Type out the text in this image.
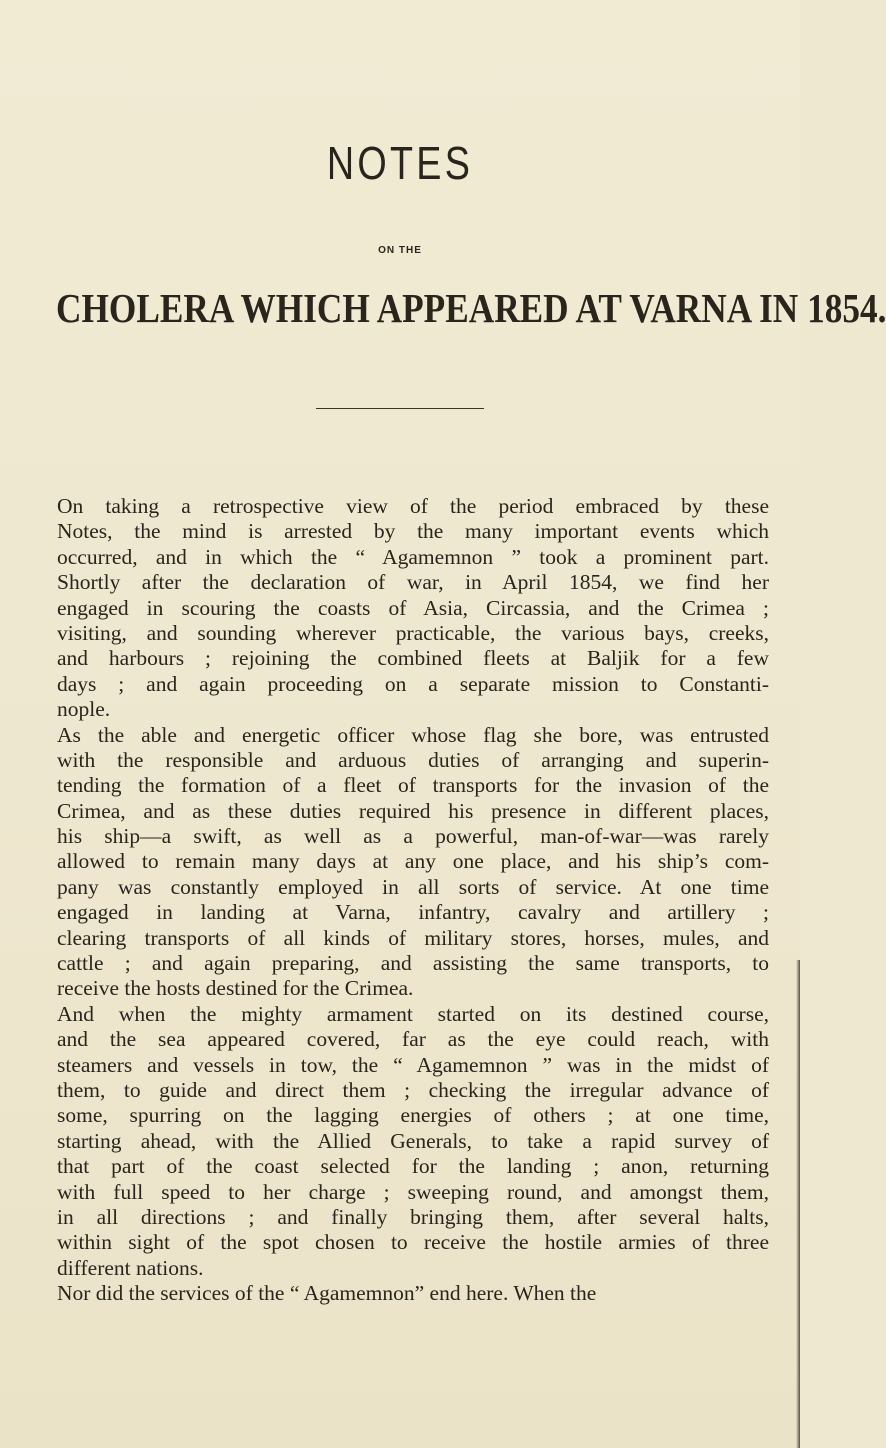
NOTES
ON THE
CHOLERA WHICH APPEARED AT VARNA IN 1854.
On taking a retrospective view of the period embraced by these
Notes, the mind is arrested by the many important events which
occurred, and in which the “ Agamemnon ” took a prominent part.
Shortly after the declaration of war, in April 1854, we find her
engaged in scouring the coasts of Asia, Circassia, and the Crimea ;
visiting, and sounding wherever practicable, the various bays, creeks,
and harbours ; rejoining the combined fleets at Baljik for a few
days ; and again proceeding on a separate mission to Constanti-
nople.
As the able and energetic officer whose flag she bore, was entrusted
with the responsible and arduous duties of arranging and superin-
tending the formation of a fleet of transports for the invasion of the
Crimea, and as these duties required his presence in different places,
his ship—a swift, as well as a powerful, man-of-war—was rarely
allowed to remain many days at any one place, and his ship’s com-
pany was constantly employed in all sorts of service. At one time
engaged in landing at Varna, infantry, cavalry and artillery ;
clearing transports of all kinds of military stores, horses, mules, and
cattle ; and again preparing, and assisting the same transports, to
receive the hosts destined for the Crimea.
And when the mighty armament started on its destined course,
and the sea appeared covered, far as the eye could reach, with
steamers and vessels in tow, the “ Agamemnon ” was in the midst of
them, to guide and direct them ; checking the irregular advance of
some, spurring on the lagging energies of others ; at one time,
starting ahead, with the Allied Generals, to take a rapid survey of
that part of the coast selected for the landing ; anon, returning
with full speed to her charge ; sweeping round, and amongst them,
in all directions ; and finally bringing them, after several halts,
within sight of the spot chosen to receive the hostile armies of three
different nations.
Nor did the services of the “ Agamemnon” end here. When the
